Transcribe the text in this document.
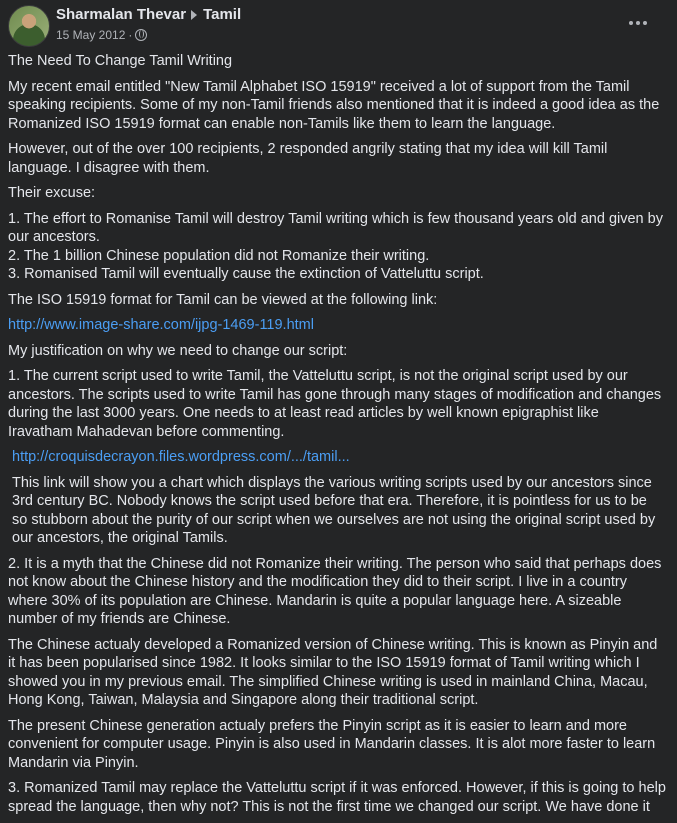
Sharmalan Thevar Tamil
15 May 2012 ·

The Need To Change Tamil Writing

My recent email entitled "New Tamil Alphabet ISO 15919" received a lot of support from the Tamil speaking recipients. Some of my non-Tamil friends also mentioned that it is indeed a good idea as the Romanized ISO 15919 format can enable non-Tamils like them to learn the language.

However, out of the over 100 recipients, 2 responded angrily stating that my idea will kill Tamil language. I disagree with them.

Their excuse:

1. The effort to Romanise Tamil will destroy Tamil writing which is few thousand years old and given by our ancestors.
2. The 1 billion Chinese population did not Romanize their writing.
3. Romanised Tamil will eventually cause the extinction of Vatteluttu script.

The ISO 15919 format for Tamil can be viewed at the following link:

http://www.image-share.com/ijpg-1469-119.html

My justification on why we need to change our script:

1. The current script used to write Tamil, the Vatteluttu script, is not the original script used by our ancestors. The scripts used to write Tamil has gone through many stages of modification and changes during the last 3000 years. One needs to at least read articles by well known epigraphist like Iravatham Mahadevan before commenting.

http://croquisdecrayon.files.wordpress.com/.../tamil...

This link will show you a chart which displays the various writing scripts used by our ancestors since 3rd century BC. Nobody knows the script used before that era. Therefore, it is pointless for us to be so stubborn about the purity of our script when we ourselves are not using the original script used by our ancestors, the original Tamils.

2. It is a myth that the Chinese did not Romanize their writing. The person who said that perhaps does not know about the Chinese history and the modification they did to their script. I live in a country where 30% of its population are Chinese. Mandarin is quite a popular language here. A sizeable number of my friends are Chinese.

The Chinese actualy developed a Romanized version of Chinese writing. This is known as Pinyin and it has been popularised since 1982. It looks similar to the ISO 15919 format of Tamil writing which I showed you in my previous email. The simplified Chinese writing is used in mainland China, Macau, Hong Kong, Taiwan, Malaysia and Singapore along their traditional script.

The present Chinese generation actualy prefers the Pinyin script as it is easier to learn and more convenient for computer usage. Pinyin is also used in Mandarin classes. It is alot more faster to learn Mandarin via Pinyin.

3. Romanized Tamil may replace the Vatteluttu script if it was enforced. However, if this is going to help spread the language, then why not? This is not the first time we changed our script. We have done it
